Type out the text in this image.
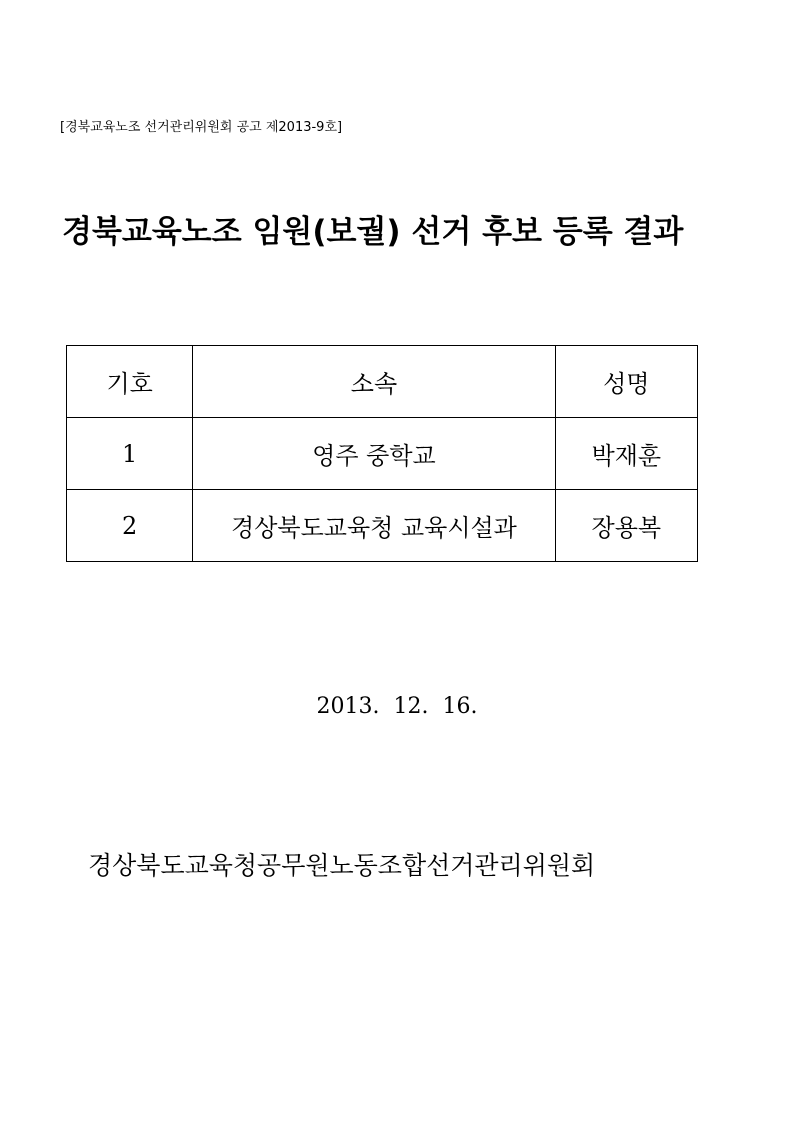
[경북교육노조 선거관리위원회 공고 제2013-9호]
경북교육노조 임원(보궐) 선거 후보 등록 결과
기호	소속	성명
1	영주 중학교	박재훈
2	경상북도교육청 교육시설과	장용복
2013.  12.  16.
경상북도교육청공무원노동조합선거관리위원회
